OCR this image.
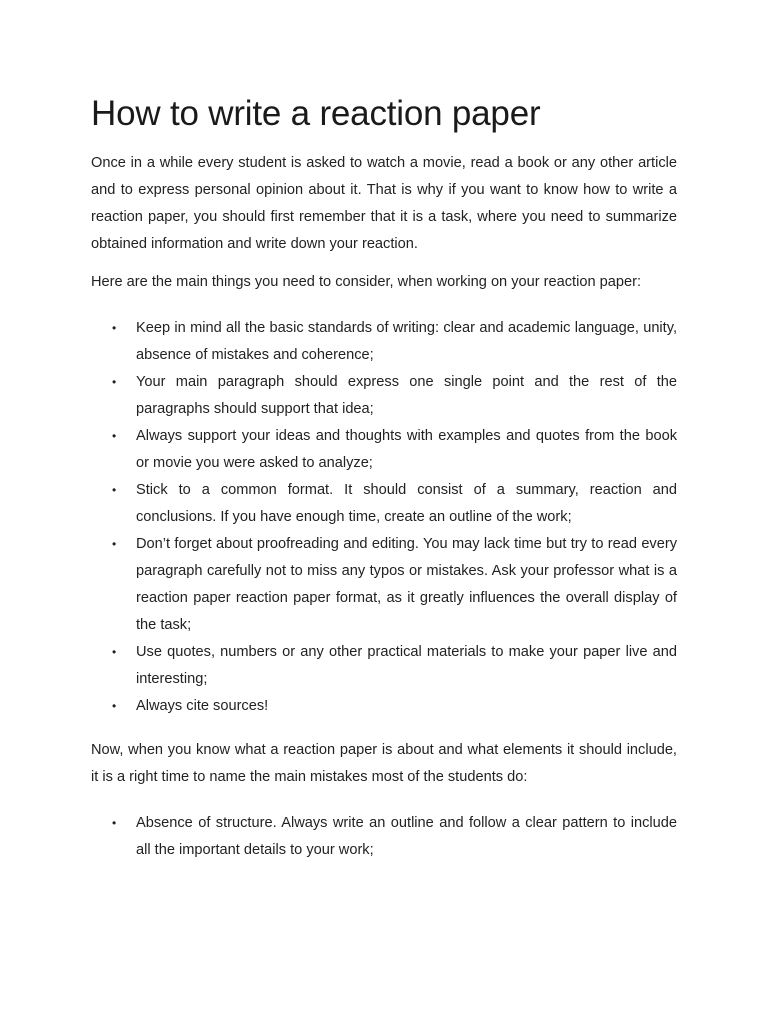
How to write a reaction paper

Once in a while every student is asked to watch a movie, read a book or any other article and to express personal opinion about it. That is why if you want to know how to write a reaction paper, you should first remember that it is a task, where you need to summarize obtained information and write down your reaction.

Here are the main things you need to consider, when working on your reaction paper:

• Keep in mind all the basic standards of writing: clear and academic language, unity, absence of mistakes and coherence;
• Your main paragraph should express one single point and the rest of the paragraphs should support that idea;
• Always support your ideas and thoughts with examples and quotes from the book or movie you were asked to analyze;
• Stick to a common format. It should consist of a summary, reaction and conclusions. If you have enough time, create an outline of the work;
• Don’t forget about proofreading and editing. You may lack time but try to read every paragraph carefully not to miss any typos or mistakes. Ask your professor what is a reaction paper reaction paper format, as it greatly influences the overall display of the task;
• Use quotes, numbers or any other practical materials to make your paper live and interesting;
• Always cite sources!

Now, when you know what a reaction paper is about and what elements it should include, it is a right time to name the main mistakes most of the students do:

• Absence of structure. Always write an outline and follow a clear pattern to include all the important details to your work;
